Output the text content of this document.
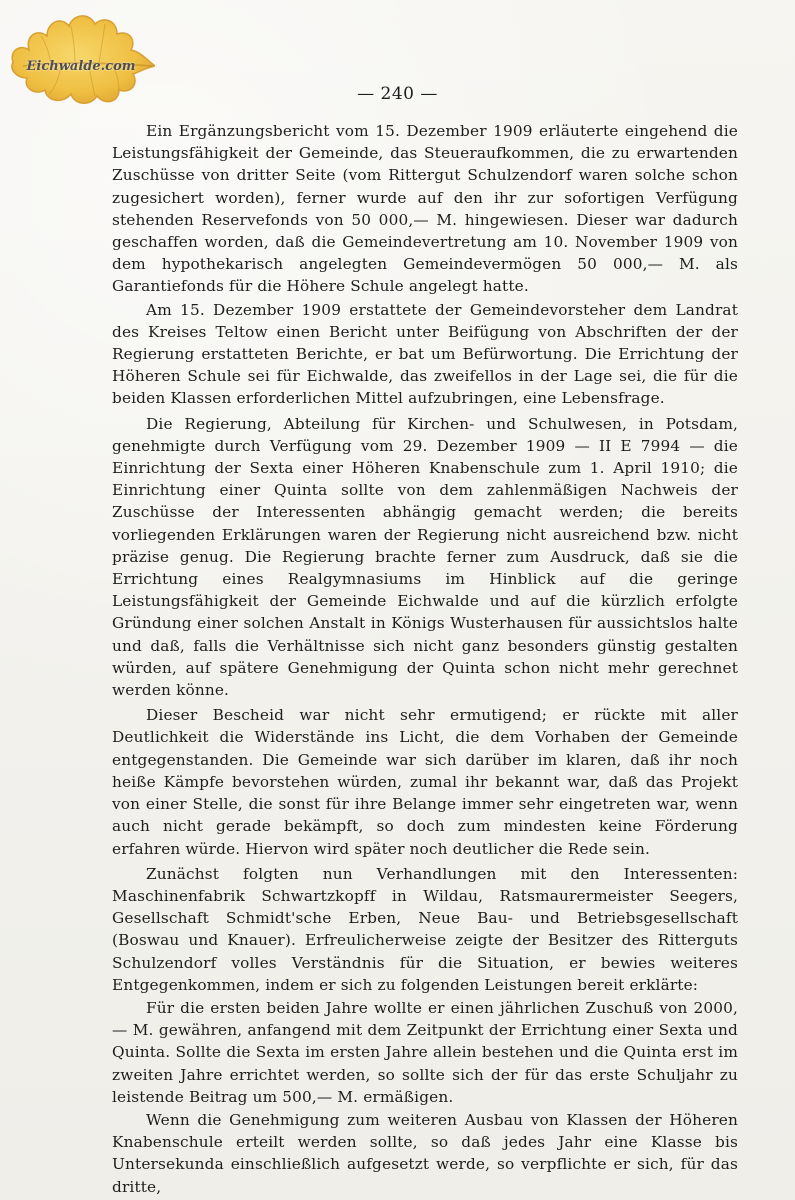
Eichwalde.com
— 240 —

Ein Ergänzungsbericht vom 15. Dezember 1909 erläuterte eingehend die Leistungsfähigkeit der Gemeinde, das Steueraufkommen, die zu erwartenden Zuschüsse von dritter Seite (vom Rittergut Schulzendorf waren solche schon zugesichert worden), ferner wurde auf den ihr zur sofortigen Verfügung stehenden Reservefonds von 50 000,— M. hingewiesen. Dieser war dadurch geschaffen worden, daß die Gemeindevertretung am 10. November 1909 von dem hypothekarisch angelegten Gemeindevermögen 50 000,— M. als Garantiefonds für die Höhere Schule angelegt hatte.

Am 15. Dezember 1909 erstattete der Gemeindevorsteher dem Landrat des Kreises Teltow einen Bericht unter Beifügung von Abschriften der der Regierung erstatteten Berichte, er bat um Befürwortung. Die Errichtung der Höheren Schule sei für Eichwalde, das zweifellos in der Lage sei, die für die beiden Klassen erforderlichen Mittel aufzubringen, eine Lebensfrage.

Die Regierung, Abteilung für Kirchen- und Schulwesen, in Potsdam, genehmigte durch Verfügung vom 29. Dezember 1909 — II E 7994 — die Einrichtung der Sexta einer Höheren Knabenschule zum 1. April 1910; die Einrichtung einer Quinta sollte von dem zahlenmäßigen Nachweis der Zuschüsse der Interessenten abhängig gemacht werden; die bereits vorliegenden Erklärungen waren der Regierung nicht ausreichend bzw. nicht präzise genug. Die Regierung brachte ferner zum Ausdruck, daß sie die Errichtung eines Realgymnasiums im Hinblick auf die geringe Leistungsfähigkeit der Gemeinde Eichwalde und auf die kürzlich erfolgte Gründung einer solchen Anstalt in Königs Wusterhausen für aussichtslos halte und daß, falls die Verhältnisse sich nicht ganz besonders günstig gestalten würden, auf spätere Genehmigung der Quinta schon nicht mehr gerechnet werden könne.

Dieser Bescheid war nicht sehr ermutigend; er rückte mit aller Deutlichkeit die Widerstände ins Licht, die dem Vorhaben der Gemeinde entgegenstanden. Die Gemeinde war sich darüber im klaren, daß ihr noch heiße Kämpfe bevorstehen würden, zumal ihr bekannt war, daß das Projekt von einer Stelle, die sonst für ihre Belange immer sehr eingetreten war, wenn auch nicht gerade bekämpft, so doch zum mindesten keine Förderung erfahren würde. Hiervon wird später noch deutlicher die Rede sein.

Zunächst folgten nun Verhandlungen mit den Interessenten: Maschinenfabrik Schwartzkopff in Wildau, Ratsmaurermeister Seegers, Gesellschaft Schmidt'sche Erben, Neue Bau- und Betriebsgesellschaft (Boswau und Knauer). Erfreulicherweise zeigte der Besitzer des Ritterguts Schulzendorf volles Verständnis für die Situation, er bewies weiteres Entgegenkommen, indem er sich zu folgenden Leistungen bereit erklärte:

Für die ersten beiden Jahre wollte er einen jährlichen Zuschuß von 2000,— M. gewähren, anfangend mit dem Zeitpunkt der Errichtung einer Sexta und Quinta. Sollte die Sexta im ersten Jahre allein bestehen und die Quinta erst im zweiten Jahre errichtet werden, so sollte sich der für das erste Schuljahr zu leistende Beitrag um 500,— M. ermäßigen.

Wenn die Genehmigung zum weiteren Ausbau von Klassen der Höheren Knabenschule erteilt werden sollte, so daß jedes Jahr eine Klasse bis Untersekunda einschließlich aufgesetzt werde, so verpflichte er sich, für das dritte,
